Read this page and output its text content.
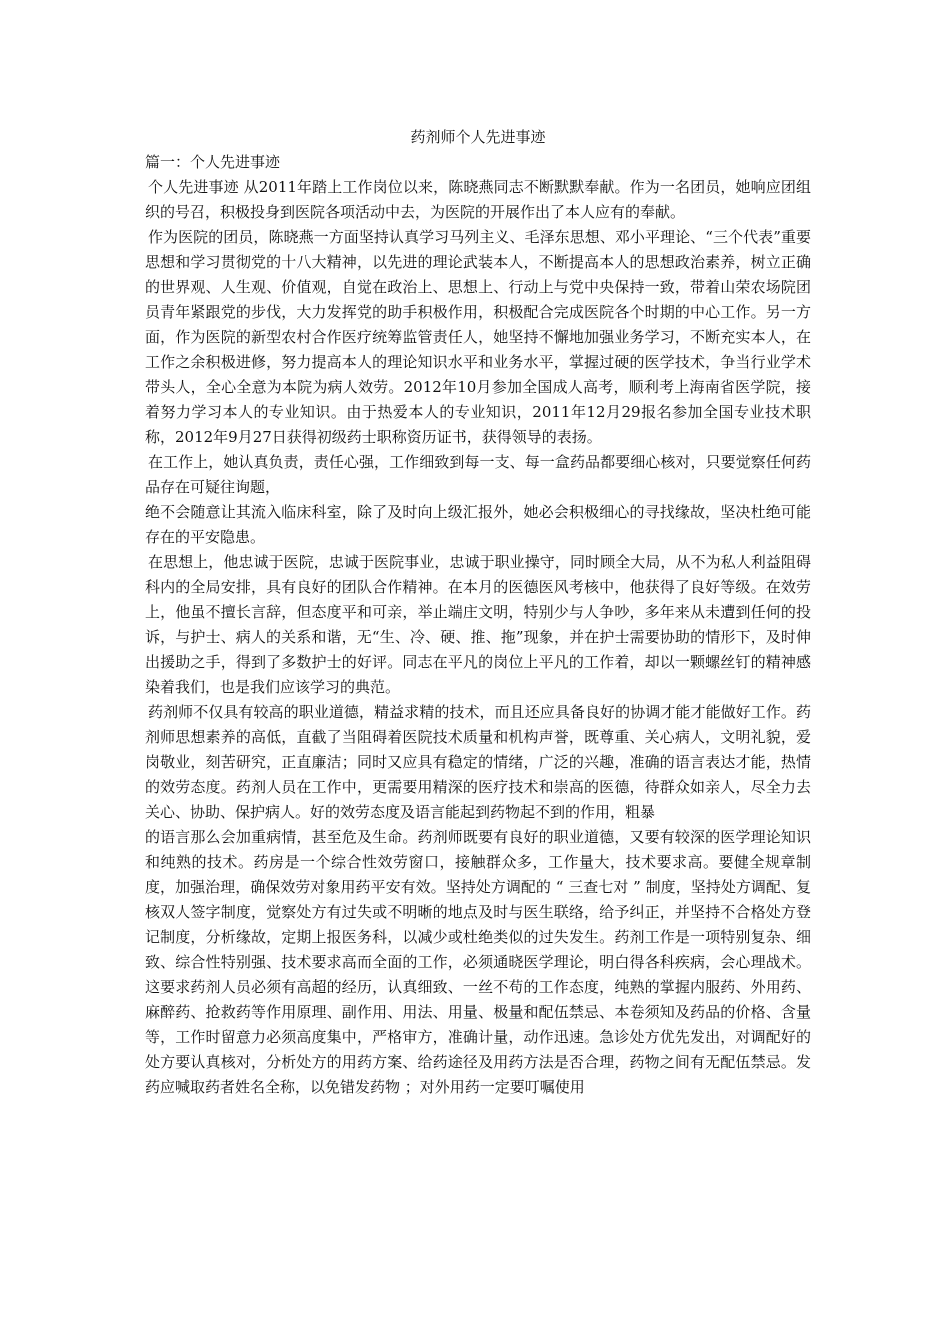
药剂师个人先进事迹

篇一：个人先进事迹

个人先进事迹 从2011年踏上工作岗位以来，陈晓燕同志不断默默奉献。作为一名团员，她响应团组织的号召，积极投身到医院各项活动中去，为医院的开展作出了本人应有的奉献。

作为医院的团员，陈晓燕一方面坚持认真学习马列主义、毛泽东思想、邓小平理论、“三个代表”重要思想和学习贯彻党的十八大精神，以先进的理论武装本人，不断提高本人的思想政治素养，树立正确的世界观、人生观、价值观，自觉在政治上、思想上、行动上与党中央保持一致，带着山荣农场院团员青年紧跟党的步伐，大力发挥党的助手积极作用，积极配合完成医院各个时期的中心工作。另一方面，作为医院的新型农村合作医疗统筹监管责任人，她坚持不懈地加强业务学习，不断充实本人，在工作之余积极进修，努力提高本人的理论知识水平和业务水平，掌握过硬的医学技术，争当行业学术带头人，全心全意为本院为病人效劳。2012年10月参加全国成人高考，顺利考上海南省医学院，接着努力学习本人的专业知识。由于热爱本人的专业知识，2011年12月29报名参加全国专业技术职称，2012年9月27日获得初级药士职称资历证书，获得领导的表扬。

在工作上，她认真负责，责任心强，工作细致到每一支、每一盒药品都要细心核对，只要觉察任何药品存在可疑往询题，

绝不会随意让其流入临床科室，除了及时向上级汇报外，她必会积极细心的寻找缘故，坚决杜绝可能存在的平安隐患。

在思想上，他忠诚于医院，忠诚于医院事业，忠诚于职业操守，同时顾全大局，从不为私人利益阻碍科内的全局安排，具有良好的团队合作精神。在本月的医德医风考核中，他获得了良好等级。在效劳上，他虽不擅长言辞，但态度平和可亲，举止端庄文明，特别少与人争吵，多年来从未遭到任何的投诉，与护士、病人的关系和谐，无“生、冷、硬、推、拖”现象，并在护士需要协助的情形下，及时伸出援助之手，得到了多数护士的好评。同志在平凡的岗位上平凡的工作着，却以一颗螺丝钉的精神感染着我们，也是我们应该学习的典范。

药剂师不仅具有较高的职业道德，精益求精的技术，而且还应具备良好的协调才能才能做好工作。药剂师思想素养的高低，直截了当阻碍着医院技术质量和机构声誉，既尊重、关心病人，文明礼貌，爱岗敬业，刻苦研究，正直廉洁；同时又应具有稳定的情绪，广泛的兴趣，准确的语言表达才能，热情的效劳态度。药剂人员在工作中，更需要用精深的医疗技术和崇高的医德，待群众如亲人，尽全力去关心、协助、保护病人。好的效劳态度及语言能起到药物起不到的作用，粗暴

的语言那么会加重病情，甚至危及生命。药剂师既要有良好的职业道德，又要有较深的医学理论知识和纯熟的技术。药房是一个综合性效劳窗口，接触群众多，工作量大，技术要求高。要健全规章制度，加强治理，确保效劳对象用药平安有效。坚持处方调配的 “ 三查七对 ” 制度，坚持处方调配、复核双人签字制度，觉察处方有过失或不明晰的地点及时与医生联络，给予纠正，并坚持不合格处方登记制度，分析缘故，定期上报医务科，以减少或杜绝类似的过失发生。药剂工作是一项特别复杂、细致、综合性特别强、技术要求高而全面的工作，必须通晓医学理论，明白得各科疾病，会心理战术。这要求药剂人员必须有高超的经历，认真细致、一丝不苟的工作态度，纯熟的掌握内服药、外用药、麻醉药、抢救药等作用原理、副作用、用法、用量、极量和配伍禁忌、本卷须知及药品的价格、含量等，工作时留意力必须高度集中，严格审方，准确计量，动作迅速。急诊处方优先发出，对调配好的处方要认真核对，分析处方的用药方案、给药途径及用药方法是否合理，药物之间有无配伍禁忌。发药应喊取药者姓名全称，以免错发药物 ；对外用药一定要叮嘱使用
